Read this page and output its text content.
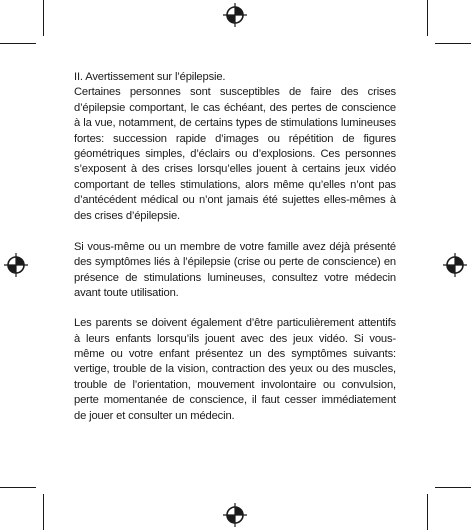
II. Avertissement sur l’épilepsie.

Certaines personnes sont susceptibles de faire des crises d’épilepsie comportant, le cas échéant, des pertes de conscience à la vue, notamment, de certains types de stimulations lumineuses fortes: succession rapide d’images ou répétition de figures géométriques simples, d’éclairs ou d’explosions. Ces personnes s’exposent à des crises lorsqu’elles jouent à certains jeux vidéo comportant de telles stimulations, alors même qu’elles n’ont pas d’antécédent médical ou n’ont jamais été sujettes elles-mêmes à des crises d’épilepsie.

Si vous-même ou un membre de votre famille avez déjà présenté des symptômes liés à l’épilepsie (crise ou perte de conscience) en présence de stimulations lumineuses, consultez votre médecin avant toute utilisation.

Les parents se doivent également d’être particulièrement attentifs à leurs enfants lorsqu’ils jouent avec des jeux vidéo. Si vous-même ou votre enfant présentez un des symptômes suivants: vertige, trouble de la vision, contraction des yeux ou des muscles, trouble de l’orientation, mouvement involontaire ou convulsion, perte momentanée de conscience, il faut cesser immédiatement de jouer et consulter un médecin.
